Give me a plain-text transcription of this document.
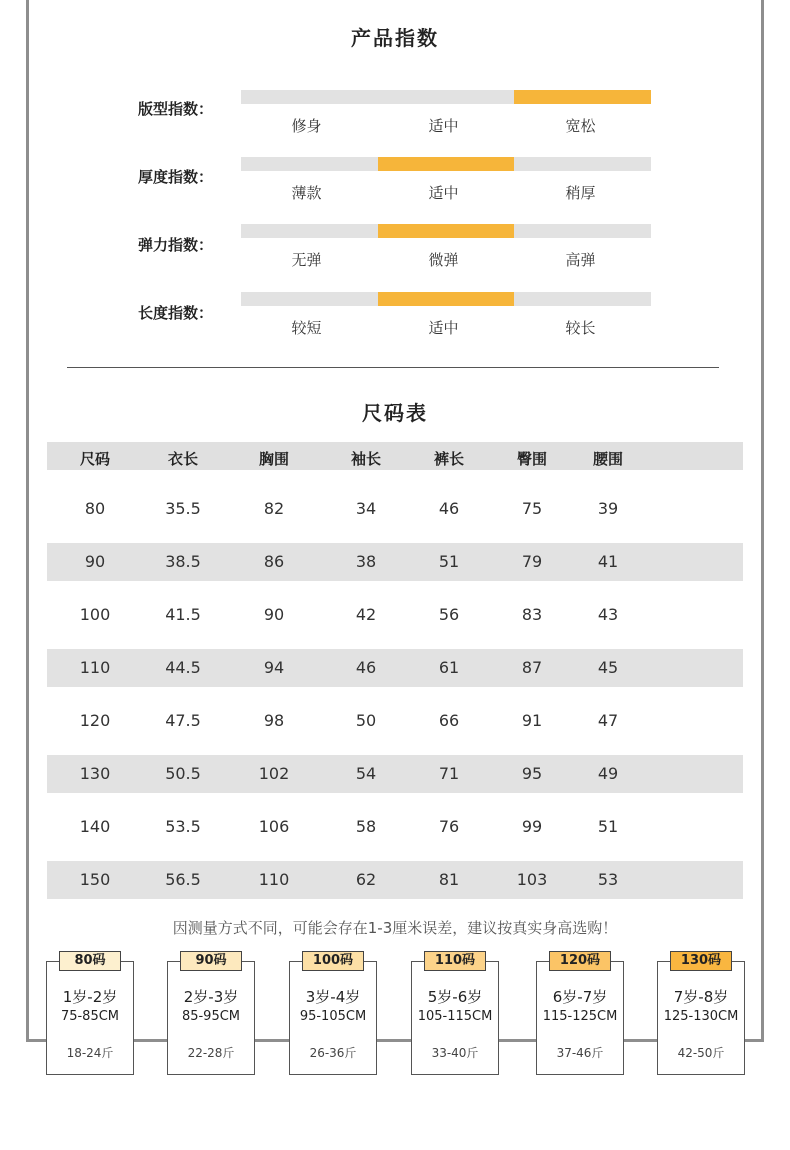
产品指数
版型指数：
修身	适中	宽松
厚度指数：
薄款	适中	稍厚
弹力指数：
无弹	微弹	高弹
长度指数：
较短	适中	较长
尺码表
尺码	衣长	胸围	袖长	裤长	臀围	腰围
80	35.5	82	34	46	75	39
90	38.5	86	38	51	79	41
100	41.5	90	42	56	83	43
110	44.5	94	46	61	87	45
120	47.5	98	50	66	91	47
130	50.5	102	54	71	95	49
140	53.5	106	58	76	99	51
150	56.5	110	62	81	103	53
因测量方式不同，可能会存在1-3厘米误差，建议按真实身高选购！
80码
1岁-2岁
75-85CM
18-24斤
90码
2岁-3岁
85-95CM
22-28斤
100码
3岁-4岁
95-105CM
26-36斤
110码
5岁-6岁
105-115CM
33-40斤
120码
6岁-7岁
115-125CM
37-46斤
130码
7岁-8岁
125-130CM
42-50斤
